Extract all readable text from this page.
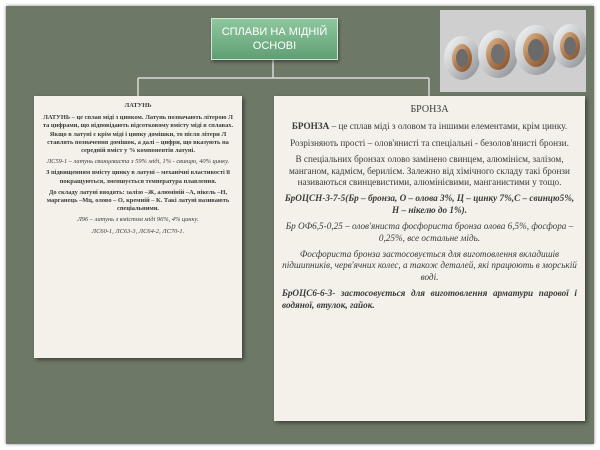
СПЛАВИ НА МІДНІЙ ОСНОВІ

ЛАТУНЬ

ЛАТУНЬ – це сплав міді з цинком. Латунь позначають літерою Л та цифрами, що відповідають відсотковому вмісту міді в сплавах. Якщо в латуні є крім міді і цинку домішки, то після літери Л ставлять позначення домішок, а далі – цифри, що вказують на середній вміст у % компонентів латуні.

ЛС59-1 – латунь свинцевиста з 59% міді, 1% - свинцю, 40% цинку.

З підвищенням вмісту цинку в латуні – механічні властивості її покращуються, зменшується температура плавлення.

До складу латуні вводять: залізо –Ж, алюміній –А, нікель –Н, марганець –Мц, олово – О, кремній – К. Такі латуні називають спеціальними.

Л96 – латунь з вмістом міді 96%, 4% цинку.

ЛС60-1, ЛС63-3, ЛС64-2, ЛС70-1.

БРОНЗА

БРОНЗА – це сплав міді з оловом та іншими елементами, крім цинку.

Розрізняють прості – олов'янисті та спеціальні - безолов'янисті бронзи.

В спеціальних бронзах олово замінено свинцем, алюмінієм, залізом, манганом, кадмієм, берилієм. Залежно від хімічного складу такі бронзи називаються свинцевистими, алюмінієвими, манганистими у тощо.

БрОЦСН-3-7-5(Бр – бронза, О – олова 3%, Ц – цинку 7%,С – свинцю5%, Н – нікелю до 1%).

Бр ОФ6,5-0,25 – олов'яниста фосфориста бронза олова 6,5%, фосфора – 0,25%, все остальне мідь.

Фосфориста бронза застосовується для виготовлення вкладишів підшипників, черв'ячних колес, а також деталей, які працюють в морській воді.

БрОЦС6-6-3- застосовується для виготовлення арматури парової і водяної, втулок, гайок.
